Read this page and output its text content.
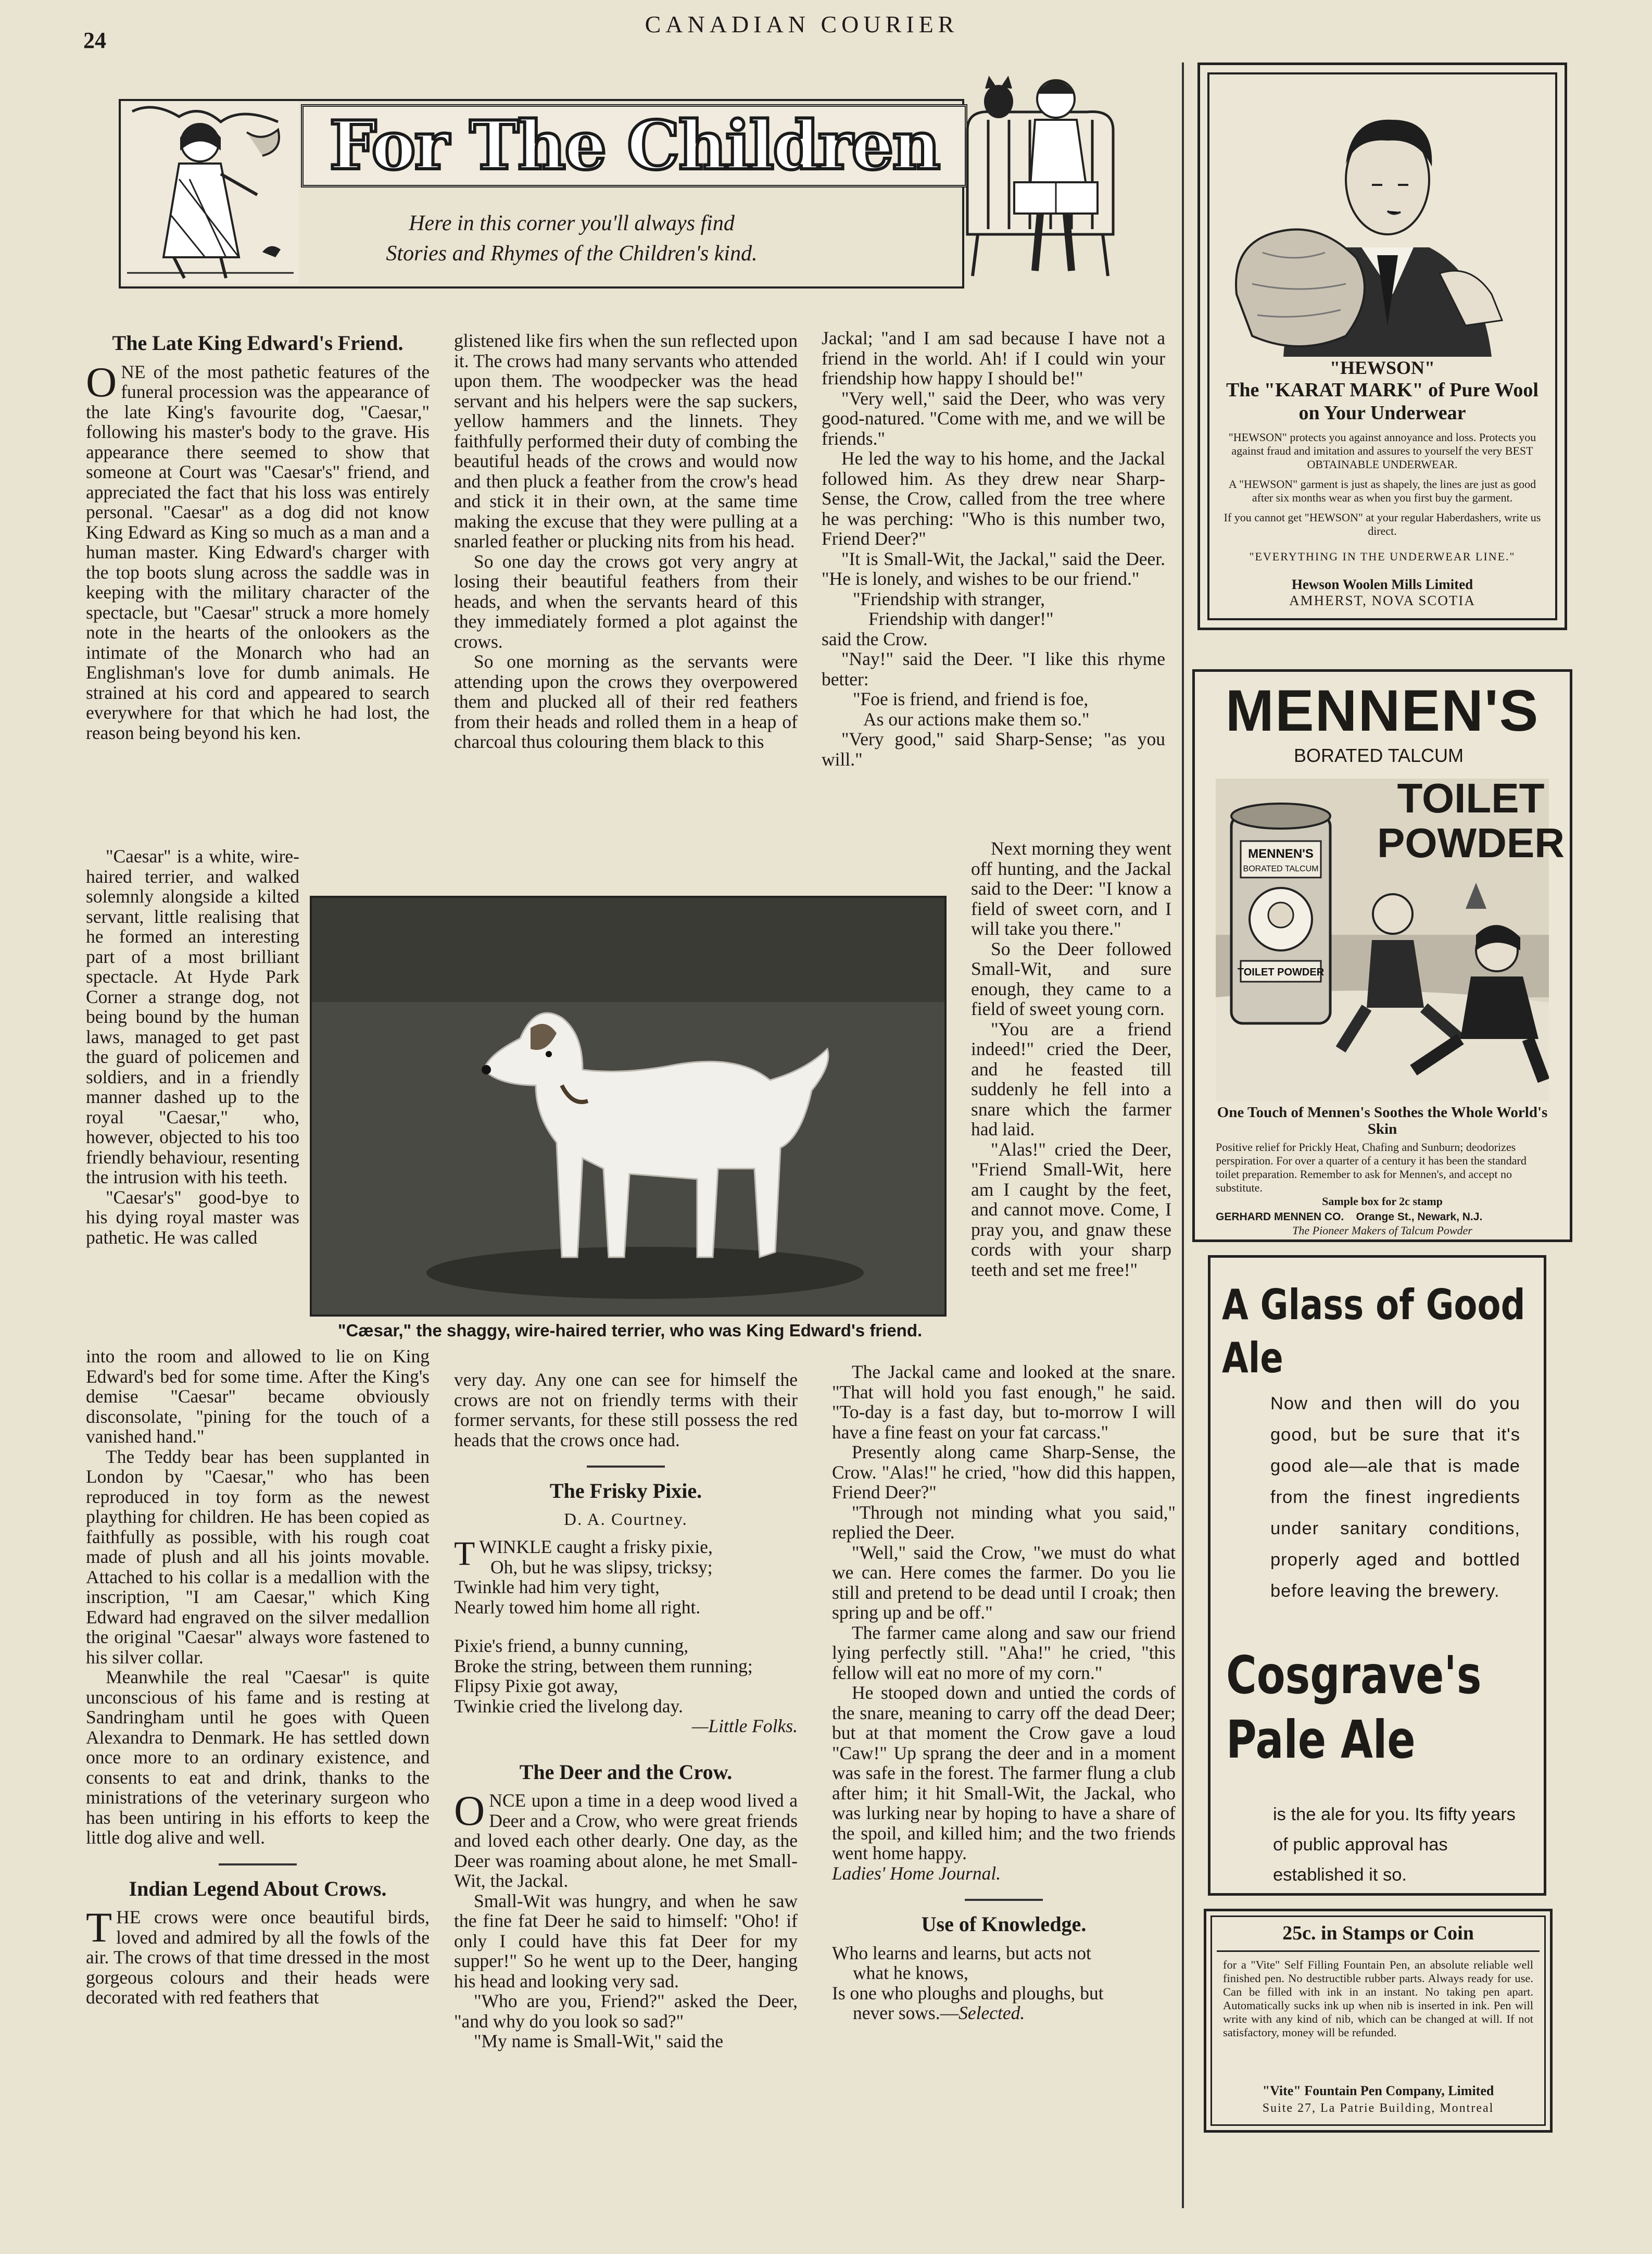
24
CANADIAN COURIER
For The Children
Here in this corner you'll always find
Stories and Rhymes of the Children's kind.
The Late King Edward's Friend.

ONE of the most pathetic features of the funeral procession was the appearance of the late King's favourite dog, "Caesar," following his master's body to the grave. His appearance there seemed to show that someone at Court was "Caesar's" friend, and appreciated the fact that his loss was entirely personal. "Caesar" as a dog did not know King Edward as King so much as a man and a human master. King Edward's charger with the top boots slung across the saddle was in keeping with the military character of the spectacle, but "Caesar" struck a more homely note in the hearts of the onlookers as the intimate of the Monarch who had an Englishman's love for dumb animals. He strained at his cord and appeared to search everywhere for that which he had lost, the reason being beyond his ken.

"Caesar" is a white, wire-haired terrier, and walked solemnly alongside a kilted servant, little realising that he formed an interesting part of a most brilliant spectacle. At Hyde Park Corner a strange dog, not being bound by the human laws, managed to get past the guard of policemen and soldiers, and in a friendly manner dashed up to the royal "Caesar," who, however, objected to his too friendly behaviour, resenting the intrusion with his teeth.

"Caesar's" good-bye to his dying royal master was pathetic. He was called

into the room and allowed to lie on King Edward's bed for some time. After the King's demise "Caesar" became obviously disconsolate, "pining for the touch of a vanished hand."

The Teddy bear has been supplanted in London by "Caesar," who has been reproduced in toy form as the newest plaything for children. He has been copied as faithfully as possible, with his rough coat made of plush and all his joints movable. Attached to his collar is a medallion with the inscription, "I am Caesar," which King Edward had engraved on the silver medallion the original "Caesar" always wore fastened to his silver collar.

Meanwhile the real "Caesar" is quite unconscious of his fame and is resting at Sandringham until he goes with Queen Alexandra to Denmark. He has settled down once more to an ordinary existence, and consents to eat and drink, thanks to the ministrations of the veterinary surgeon who has been untiring in his efforts to keep the little dog alive and well.

Indian Legend About Crows.

THE crows were once beautiful birds, loved and admired by all the fowls of the air. The crows of that time dressed in the most gorgeous colours and their heads were decorated with red feathers that

glistened like firs when the sun reflected upon it. The crows had many servants who attended upon them. The woodpecker was the head servant and his helpers were the sap suckers, yellow hammers and the linnets. They faithfully performed their duty of combing the beautiful heads of the crows and would now and then pluck a feather from the crow's head and stick it in their own, at the same time making the excuse that they were pulling at a snarled feather or plucking nits from his head.

So one day the crows got very angry at losing their beautiful feathers from their heads, and when the servants heard of this they immediately formed a plot against the crows.

So one morning as the servants were attending upon the crows they overpowered them and plucked all of their red feathers from their heads and rolled them in a heap of charcoal thus colouring them black to this

very day. Any one can see for himself the crows are not on friendly terms with their former servants, for these still possess the red heads that the crows once had.

The Frisky Pixie.
D. A. Courtney.

TWINKLE caught a frisky pixie,

Oh, but he was slipsy, tricksy;

Twinkle had him very tight,

Nearly towed him home all right.

Pixie's friend, a bunny cunning,

Broke the string, between them running;

Flipsy Pixie got away,

Twinkie cried the livelong day.

—Little Folks.

The Deer and the Crow.

ONCE upon a time in a deep wood lived a Deer and a Crow, who were great friends and loved each other dearly. One day, as the Deer was roaming about alone, he met Small-Wit, the Jackal.

Small-Wit was hungry, and when he saw the fine fat Deer he said to himself: "Oho! if only I could have this fat Deer for my supper!" So he went up to the Deer, hanging his head and looking very sad.

"Who are you, Friend?" asked the Deer, "and why do you look so sad?"

"My name is Small-Wit," said the

Jackal; "and I am sad because I have not a friend in the world. Ah! if I could win your friendship how happy I should be!"

"Very well," said the Deer, who was very good-natured. "Come with me, and we will be friends."

He led the way to his home, and the Jackal followed him. As they drew near Sharp-Sense, the Crow, called from the tree where he was perching: "Who is this number two, Friend Deer?"

"It is Small-Wit, the Jackal," said the Deer. "He is lonely, and wishes to be our friend."

"Friendship with stranger,

Friendship with danger!"

said the Crow.

"Nay!" said the Deer. "I like this rhyme better:

"Foe is friend, and friend is foe,

As our actions make them so."

"Very good," said Sharp-Sense; "as you will."

Next morning they went off hunting, and the Jackal said to the Deer: "I know a field of sweet corn, and I will take you there."

So the Deer followed Small-Wit, and sure enough, they came to a field of sweet young corn.

"You are a friend indeed!" cried the Deer, and he feasted till suddenly he fell into a snare which the farmer had laid.

"Alas!" cried the Deer, "Friend Small-Wit, here am I caught by the feet, and cannot move. Come, I pray you, and gnaw these cords with your sharp teeth and set me free!"

The Jackal came and looked at the snare. "That will hold you fast enough," he said. "To-day is a fast day, but to-morrow I will have a fine feast on your fat carcass."

Presently along came Sharp-Sense, the Crow. "Alas!" he cried, "how did this happen, Friend Deer?"

"Through not minding what you said," replied the Deer.

"Well," said the Crow, "we must do what we can. Here comes the farmer. Do you lie still and pretend to be dead until I croak; then spring up and be off."

The farmer came along and saw our friend lying perfectly still. "Aha!" he cried, "this fellow will eat no more of my corn."

He stooped down and untied the cords of the snare, meaning to carry off the dead Deer; but at that moment the Crow gave a loud "Caw!" Up sprang the deer and in a moment was safe in the forest. The farmer flung a club after him; it hit Small-Wit, the Jackal, who was lurking near by hoping to have a share of the spoil, and killed him; and the two friends went home happy.

Ladies' Home Journal.

Use of Knowledge.

Who learns and learns, but acts not

what he knows,

Is one who ploughs and ploughs, but

never sows.—Selected.

"Cæsar," the shaggy, wire-haired terrier, who was King Edward's friend.
"HEWSON"
The "KARAT MARK" of Pure Wool on Your Underwear
"HEWSON" protects you against annoyance and loss. Protects you against fraud and imitation and assures to yourself the very BEST OBTAINABLE UNDERWEAR.
A "HEWSON" garment is just as shapely, the lines are just as good after six months wear as when you first buy the garment.
If you cannot get "HEWSON" at your regular Haberdashers, write us direct.
"EVERYTHING IN THE UNDERWEAR LINE."
Hewson Woolen Mills Limited
AMHERST, NOVA SCOTIA
MENNEN'S
BORATED TALCUM
MENNEN'S
BORATED TALCUM
TOILET POWDER
TOILET POWDER
One Touch of Mennen's Soothes the Whole World's Skin
Positive relief for Prickly Heat, Chafing and Sunburn; deodorizes perspiration. For over a quarter of a century it has been the standard toilet preparation. Remember to ask for Mennen's, and accept no substitute.
Sample box for 2c stamp
GERHARD MENNEN CO. Orange St., Newark, N.J.
The Pioneer Makers of Talcum Powder
A Glass of Good Ale
Now and then will do you good, but be sure that it's good ale—ale that is made from the finest ingredients under sanitary conditions, properly aged and bottled before leaving the brewery.
Cosgrave's Pale Ale
is the ale for you. Its fifty years of public approval has established it so.
25c. in Stamps or Coin
for a "Vite" Self Filling Fountain Pen, an absolute reliable well finished pen. No destructible rubber parts. Always ready for use. Can be filled with ink in an instant. No taking pen apart. Automatically sucks ink up when nib is inserted in ink. Pen will write with any kind of nib, which can be changed at will. If not satisfactory, money will be refunded.
"Vite" Fountain Pen Company, Limited
Suite 27, La Patrie Building, Montreal
